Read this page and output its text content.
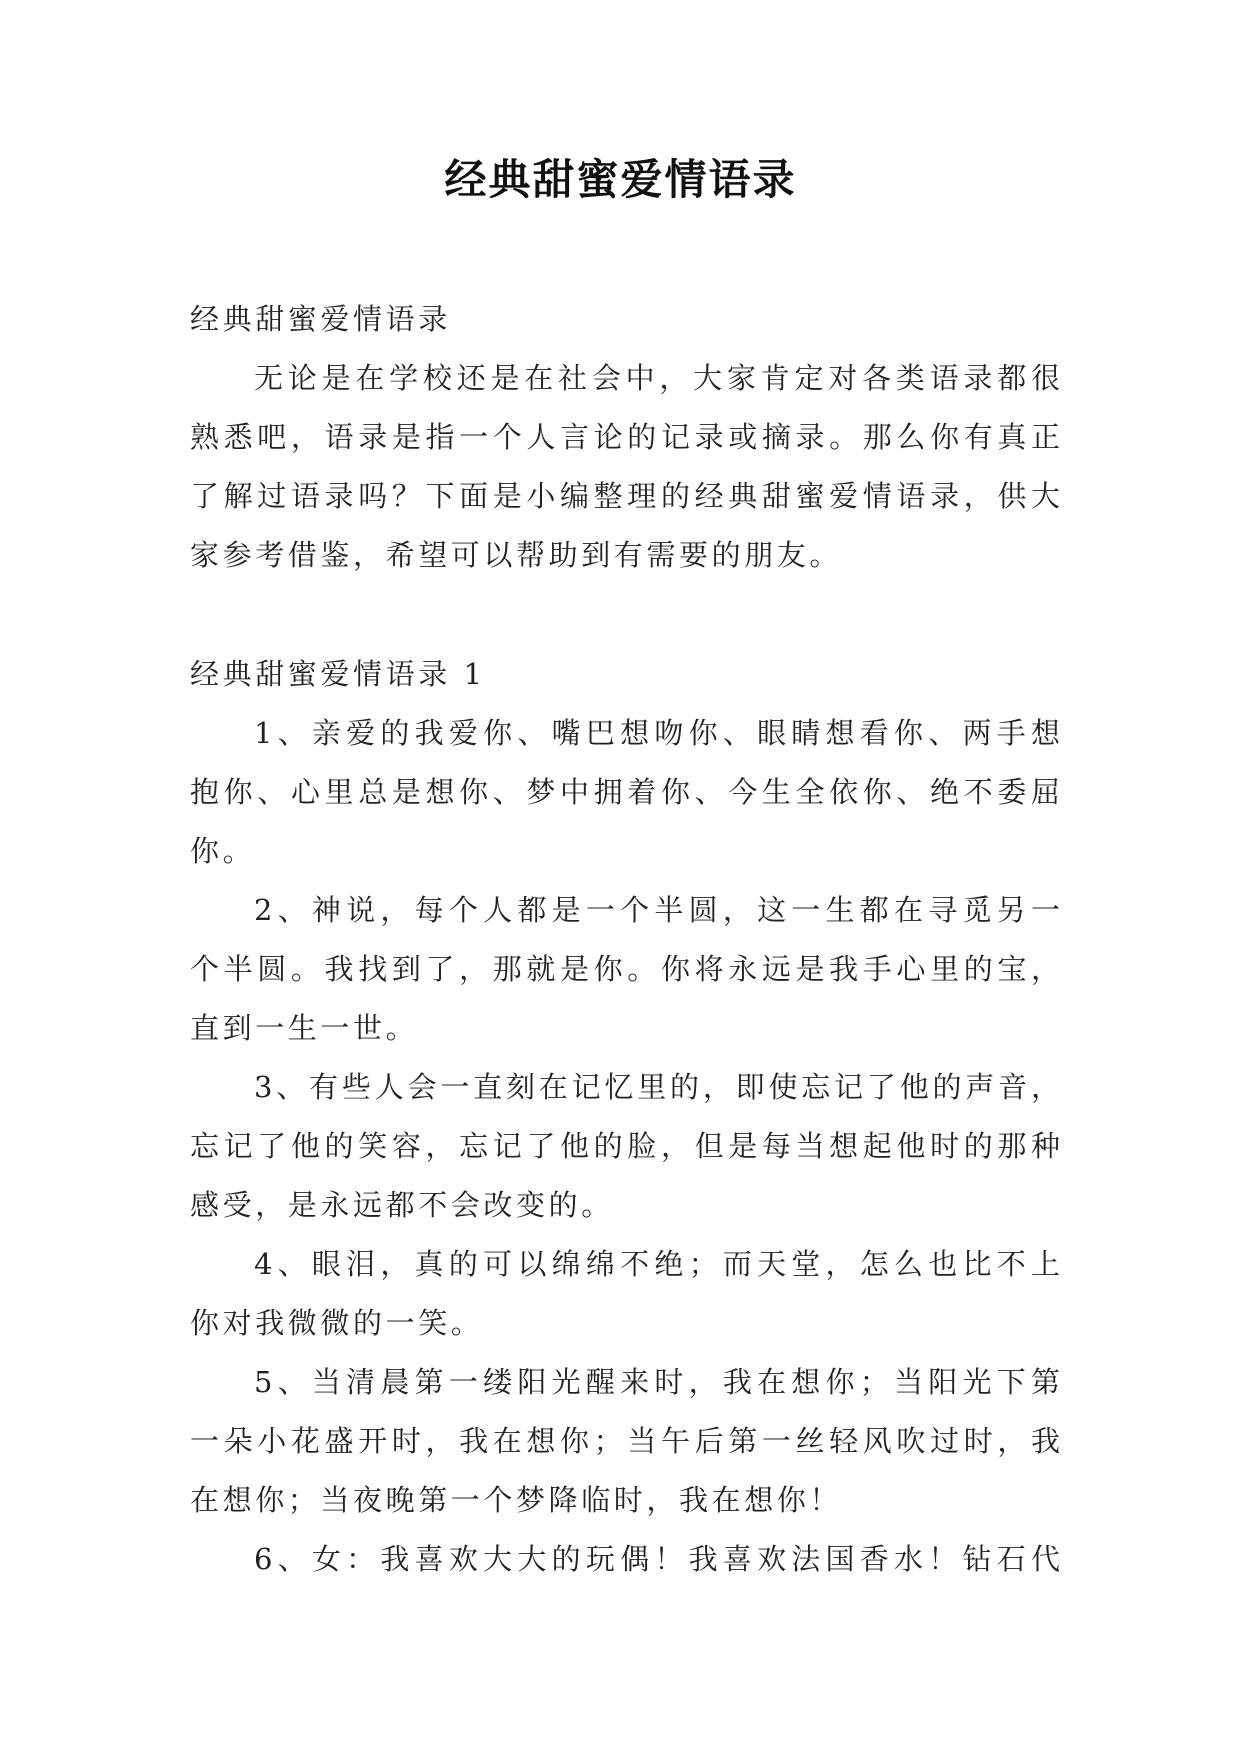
经典甜蜜爱情语录
经典甜蜜爱情语录
无论是在学校还是在社会中，大家肯定对各类语录都很
熟悉吧，语录是指一个人言论的记录或摘录。那么你有真正
了解过语录吗？下面是小编整理的经典甜蜜爱情语录，供大
家参考借鉴，希望可以帮助到有需要的朋友。
经典甜蜜爱情语录 1
1、亲爱的我爱你、嘴巴想吻你、眼睛想看你、两手想
抱你、心里总是想你、梦中拥着你、今生全依你、绝不委屈
你。
2、神说，每个人都是一个半圆，这一生都在寻觅另一
个半圆。我找到了，那就是你。你将永远是我手心里的宝，
直到一生一世。
3、有些人会一直刻在记忆里的，即使忘记了他的声音，
忘记了他的笑容，忘记了他的脸，但是每当想起他时的那种
感受，是永远都不会改变的。
4、眼泪，真的可以绵绵不绝；而天堂，怎么也比不上
你对我微微的一笑。
5、当清晨第一缕阳光醒来时，我在想你；当阳光下第
一朵小花盛开时，我在想你；当午后第一丝轻风吹过时，我
在想你；当夜晚第一个梦降临时，我在想你！
6、女：我喜欢大大的玩偶！我喜欢法国香水！钻石代
